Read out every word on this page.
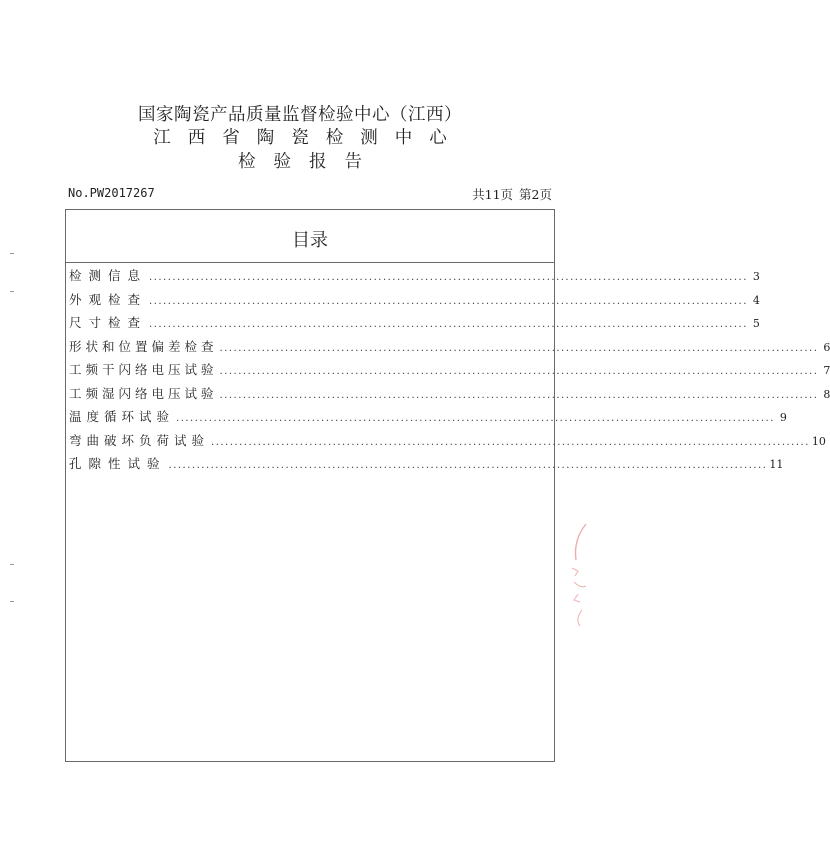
国家陶瓷产品质量监督检验中心（江西）
江西省陶瓷检测中心
检验报告
No.PW2017267	共11页 第2页
目录
检测信息 ................................................................................................................................ 3
外观检查 ................................................................................................................................ 4
尺寸检查 ................................................................................................................................ 5
形状和位置偏差检查 ................................................................................................................................ 6
工频干闪络电压试验 ................................................................................................................................ 7
工频湿闪络电压试验 ................................................................................................................................ 8
温度循环试验 ................................................................................................................................ 9
弯曲破坏负荷试验 ................................................................................................................................ 10
孔隙性试验 ................................................................................................................................ 11
